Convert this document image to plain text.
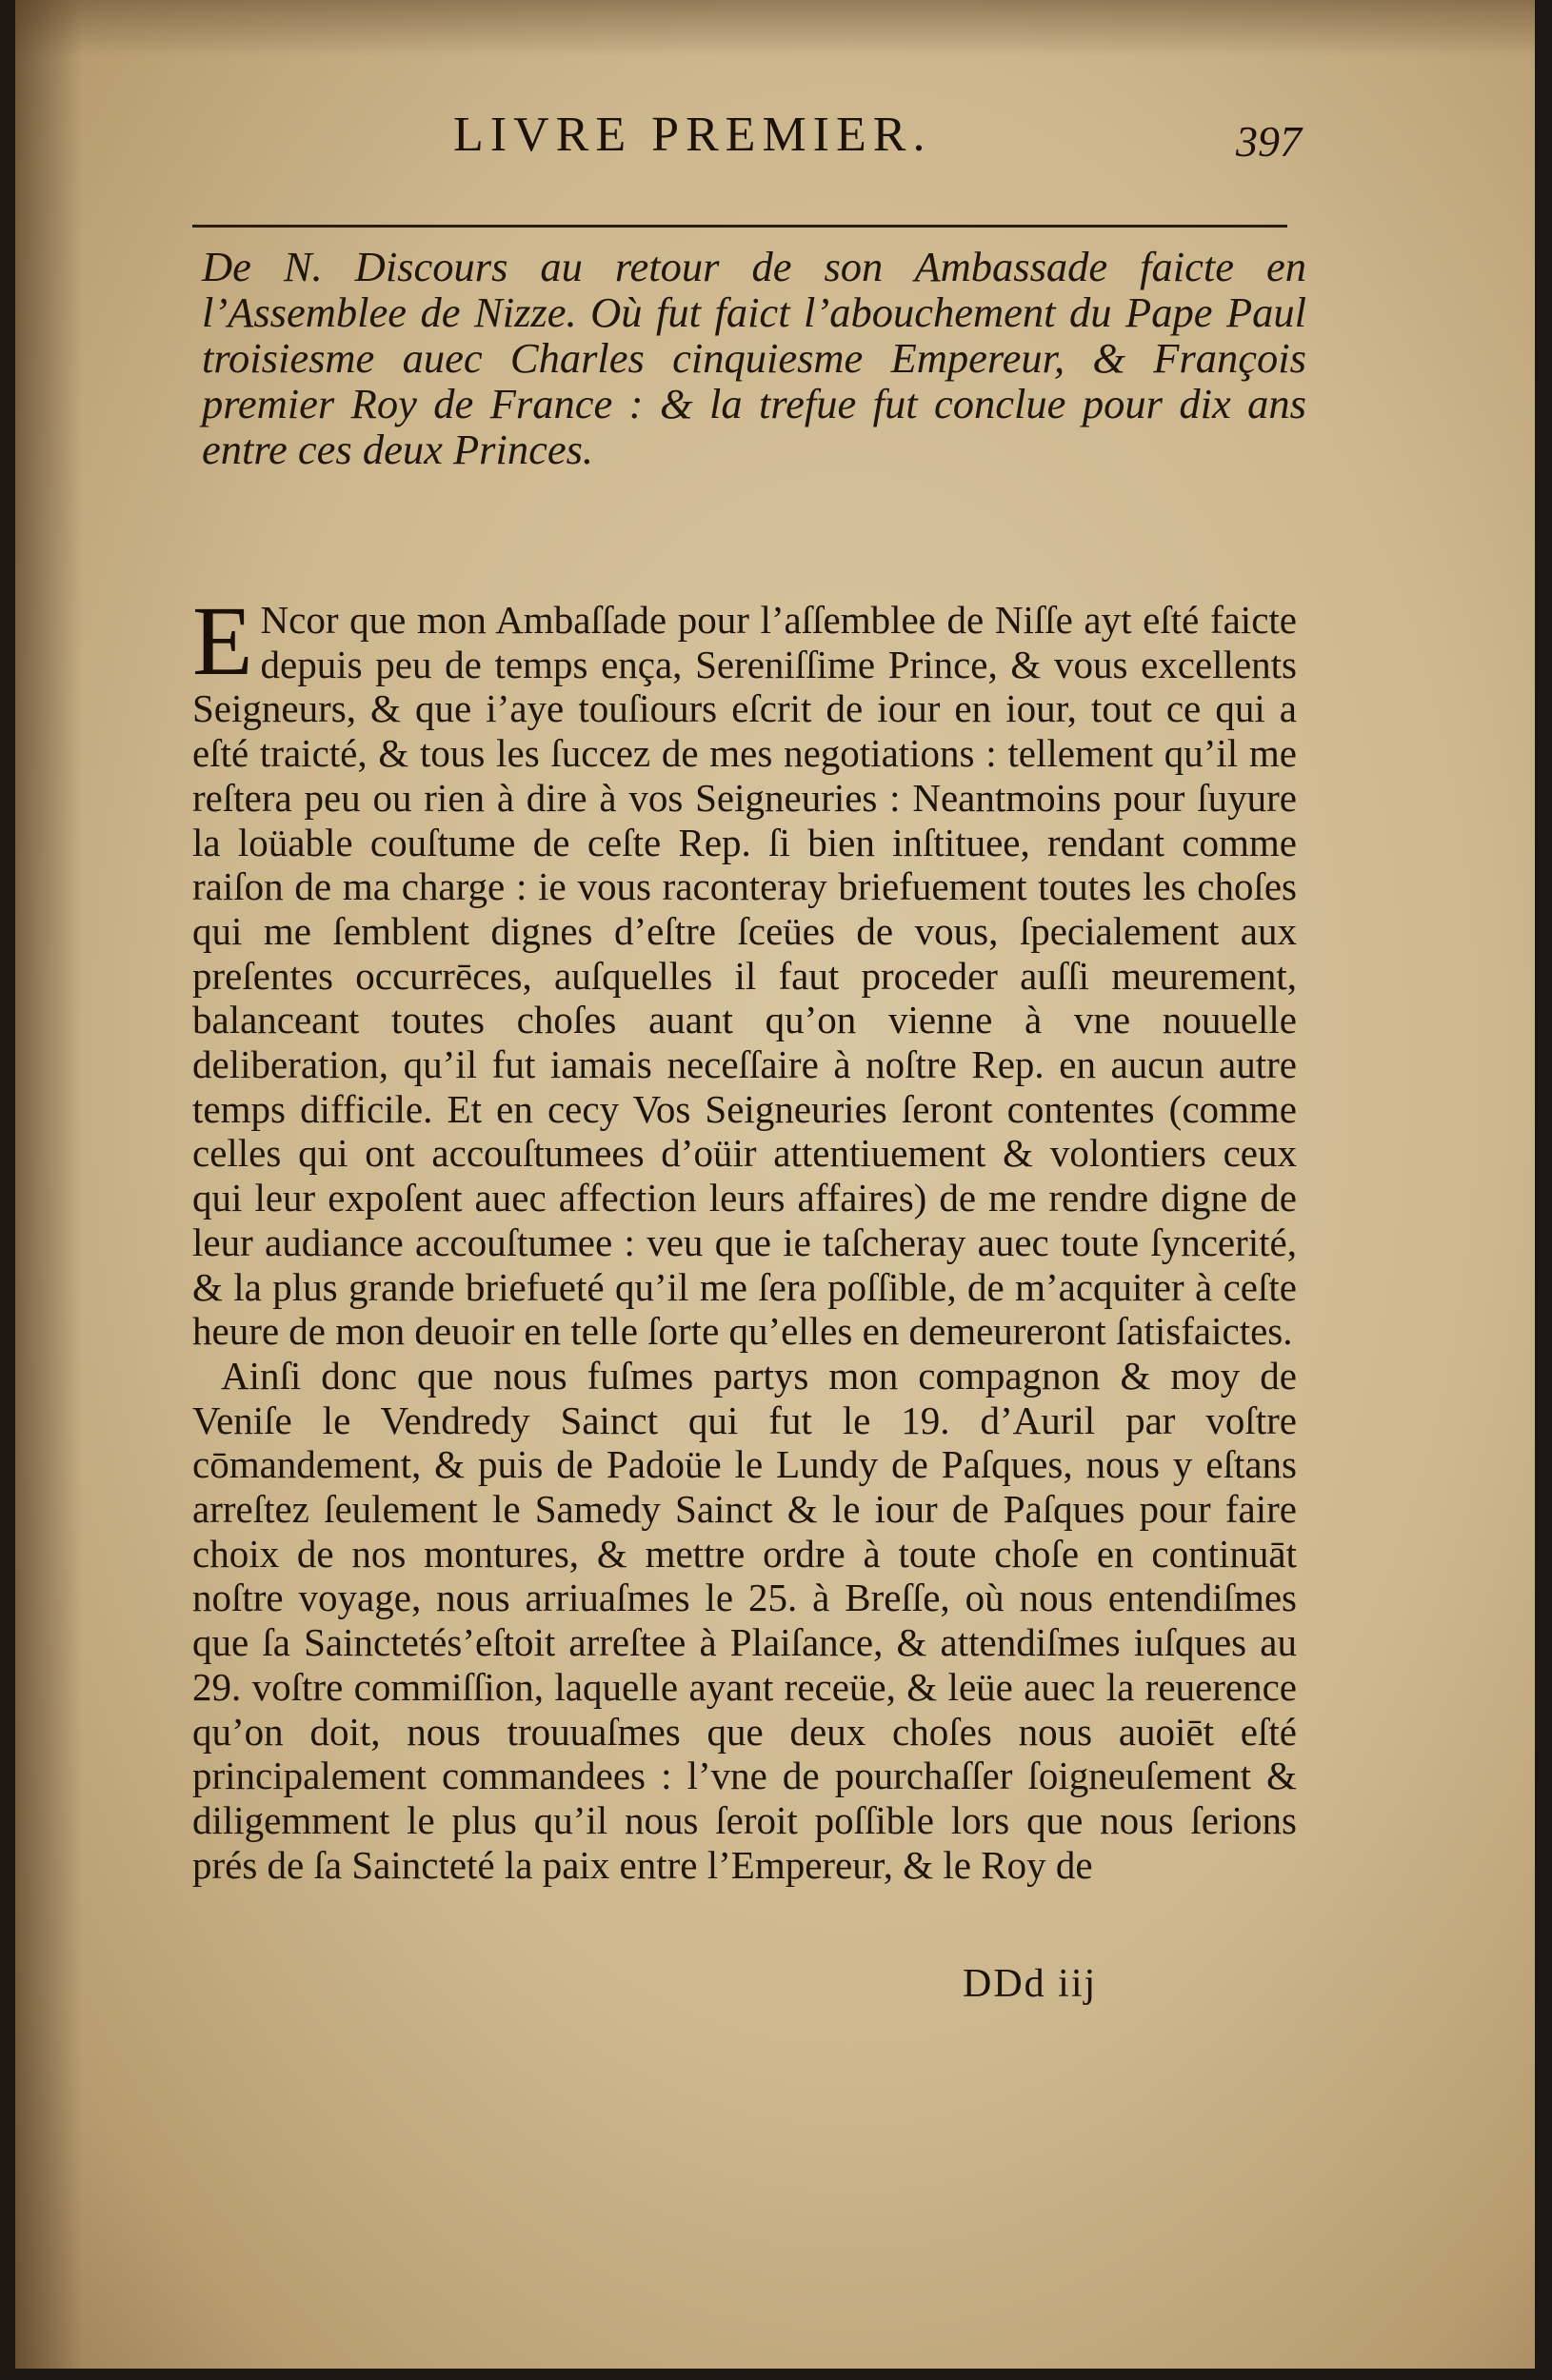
LIVRE PREMIER.	397
De N. Discours au retour de son Ambassade faicte en l’Assemblee de Nizze. Où fut faict l’abouchement du Pape Paul troisiesme auec Charles cinquiesme Empereur, & François premier Roy de France : & la trefue fut conclue pour dix ans entre ces deux Princes.

E Ncor que mon Ambaſſade pour l’aſſemblee de Niſſe ayt eſté faicte depuis peu de temps ença, Sereniſſime Prince, & vous excellents Seigneurs, & que i’aye touſiours eſcrit de iour en iour, tout ce qui a eſté traicté, & tous les ſuccez de mes negotiations : tellement qu’il me reſtera peu ou rien à dire à vos Seigneuries : Neantmoins pour ſuyure la loüable couſtume de ceſte Rep. ſi bien inſtituee, rendant comme raiſon de ma charge : ie vous raconteray briefuement toutes les choſes qui me ſemblent dignes d’eſtre ſceües de vous, ſpecialement aux preſentes occurrēces, auſquelles il faut proceder auſſi meurement, balanceant toutes choſes auant qu’on vienne à vne nouuelle deliberation, qu’il fut iamais neceſſaire à noſtre Rep. en aucun autre temps difficile. Et en cecy Vos Seigneuries ſeront contentes (comme celles qui ont accouſtumees d’oüir attentiuement & volontiers ceux qui leur expoſent auec affection leurs affaires) de me rendre digne de leur audiance accouſtumee : veu que ie taſcheray auec toute ſyncerité, & la plus grande briefueté qu’il me ſera poſſible, de m’acquiter à ceſte heure de mon deuoir en telle ſorte qu’elles en demeureront ſatisfaictes.

Ainſi donc que nous fuſmes partys mon compagnon & moy de Veniſe le Vendredy Sainct qui fut le 19. d’Auril par voſtre cōmandement, & puis de Padoüe le Lundy de Paſques, nous y eſtans arreſtez ſeulement le Samedy Sainct & le iour de Paſques pour faire choix de nos montures, & mettre ordre à toute choſe en continuāt noſtre voyage, nous arriuaſmes le 25. à Breſſe, où nous entendiſmes que ſa Sainctetés’eſtoit arreſtee à Plaiſance, & attendiſmes iuſques au 29. voſtre commiſſion, laquelle ayant receüe, & leüe auec la reuerence qu’on doit, nous trouuaſmes que deux choſes nous auoiēt eſté principalement commandees : l’vne de pourchaſſer ſoigneuſement & diligemment le plus qu’il nous ſeroit poſſible lors que nous ſerions prés de ſa Saincteté la paix entre l’Empereur, & le Roy de

DDd iij
